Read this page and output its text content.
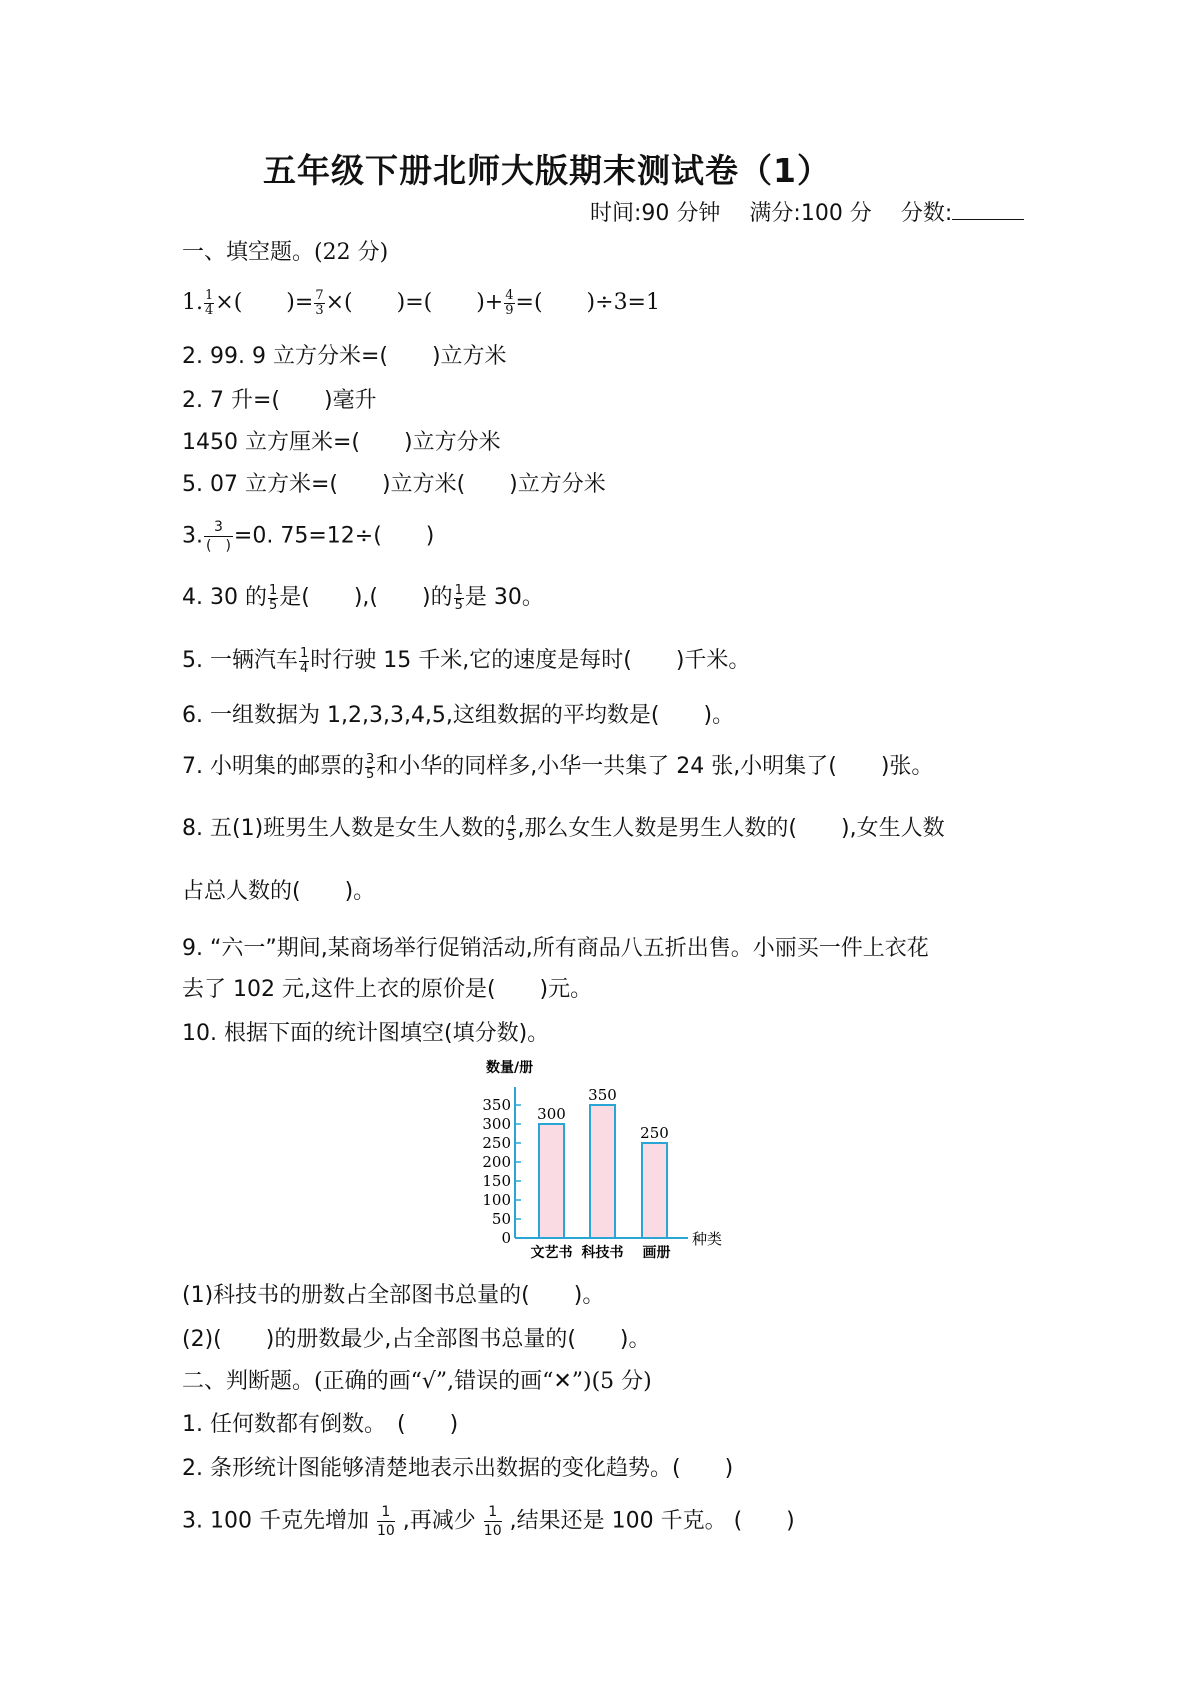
五年级下册北师大版期末测试卷（1）
时间:90 分钟　 满分:100 分　 分数:
一、填空题。(22 分)
1. $\frac{1}{4}$ ×(　　)= $\frac{7}{3}$ ×(　　)=(　　)+ $\frac{4}{9}$ =(　　)÷3=1
2. 99. 9 立方分米=(　　)立方米
2. 7 升=(　　)毫升
1450 立方厘米=(　　)立方分米
5. 07 立方米=(　　)立方米(　　)立方分米
3. $\frac{3}{( )} =0$. 75=12÷(　　)
4. 30 的 $\frac{1}{5}$ 是(　　),(　　)的 $\frac{1}{5}$ 是 30。
5. 一辆汽车 $\frac{1}{4}$ 时行驶 15 千米,它的速度是每时(　　)千米。
6. 一组数据为 1,2,3,3,4,5,这组数据的平均数是(　　)。
7. 小明集的邮票的 $\frac{3}{5}$ 和小华的同样多,小华一共集了 24 张,小明集了(　　)张。
8. 五(1)班男生人数是女生人数的 $\frac{4}{5}$ ,那么女生人数是男生人数的(　　),女生人数
占总人数的(　　)。
9. “六一”期间,某商场举行促销活动,所有商品八五折出售。小丽买一件上衣花
去了 102 元,这件上衣的原价是(　　)元。
10. 根据下面的统计图填空(填分数)。
数量/册
种类
0
50
100
150
200
250
300
350 300
文艺书
350
科技书
250
画册
(1)科技书的册数占全部图书总量的(　　)。
(2)(　　)的册数最少,占全部图书总量的(　　)。
二、判断题。(正确的画“√”,错误的画“✕”)(5 分)
1. 任何数都有倒数。　(　　)
2. 条形统计图能够清楚地表示出数据的变化趋势。(　　)
3. 100 千克先增加 $\frac{1}{10}$ ,再减少 $\frac{1}{10}$ ,结果还是 100 千克。 (　　)
